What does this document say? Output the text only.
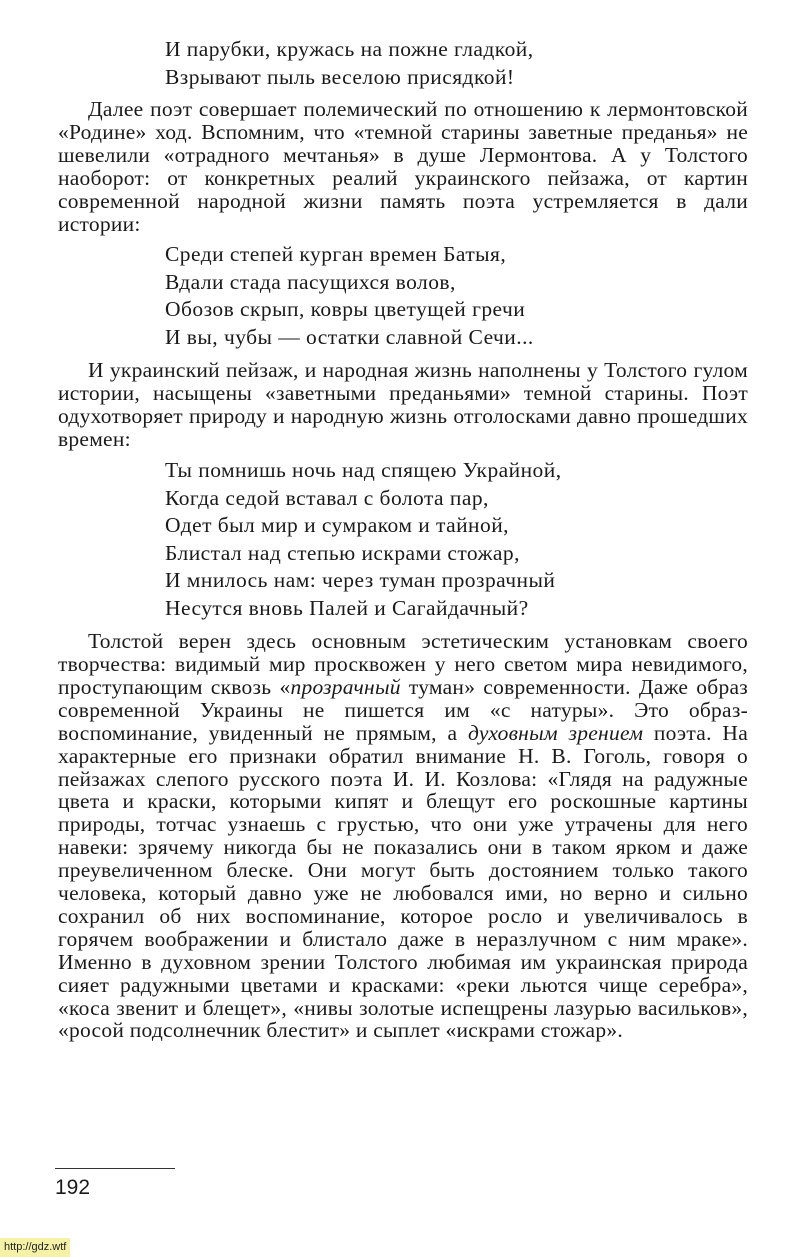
И парубки, кружась на пожне гладкой,
Взрывают пыль веселою присядкой!

Далее поэт совершает полемический по отношению к лермонтовской «Родине» ход. Вспомним, что «темной старины заветные преданья» не шевелили «отрадного мечтанья» в душе Лермонтова. А у Толстого наоборот: от конкретных реалий украинского пейзажа, от картин современной народной жизни память поэта устремляется в дали истории:

Среди степей курган времен Батыя,
Вдали стада пасущихся волов,
Обозов скрып, ковры цветущей гречи
И вы, чубы — остатки славной Сечи...

И украинский пейзаж, и народная жизнь наполнены у Толстого гулом истории, насыщены «заветными преданьями» темной старины. Поэт одухотворяет природу и народную жизнь отголосками давно прошедших времен:

Ты помнишь ночь над спящею Украйной,
Когда седой вставал с болота пар,
Одет был мир и сумраком и тайной,
Блистал над степью искрами стожар,
И мнилось нам: через туман прозрачный
Несутся вновь Палей и Сагайдачный?

Толстой верен здесь основным эстетическим установкам своего творчества: видимый мир просквожен у него светом мира невидимого, проступающим сквозь «прозрачный туман» современности. Даже образ современной Украины не пишется им «с натуры». Это образ-воспоминание, увиденный не прямым, а духовным зрением поэта. На характерные его признаки обратил внимание Н. В. Гоголь, говоря о пейзажах слепого русского поэта И. И. Козлова: «Глядя на радужные цвета и краски, которыми кипят и блещут его роскошные картины природы, тотчас узнаешь с грустью, что они уже утрачены для него навеки: зрячему никогда бы не показались они в таком ярком и даже преувеличенном блеске. Они могут быть достоянием только такого человека, который давно уже не любовался ими, но верно и сильно сохранил об них воспоминание, которое росло и увеличивалось в горячем воображении и блистало даже в неразлучном с ним мраке». Именно в духовном зрении Толстого любимая им украинская природа сияет радужными цветами и красками: «реки льются чище серебра», «коса звенит и блещет», «нивы золотые испещрены лазурью васильков», «росой подсолнечник блестит» и сыплет «искрами стожар».

192
http://gdz.wtf
